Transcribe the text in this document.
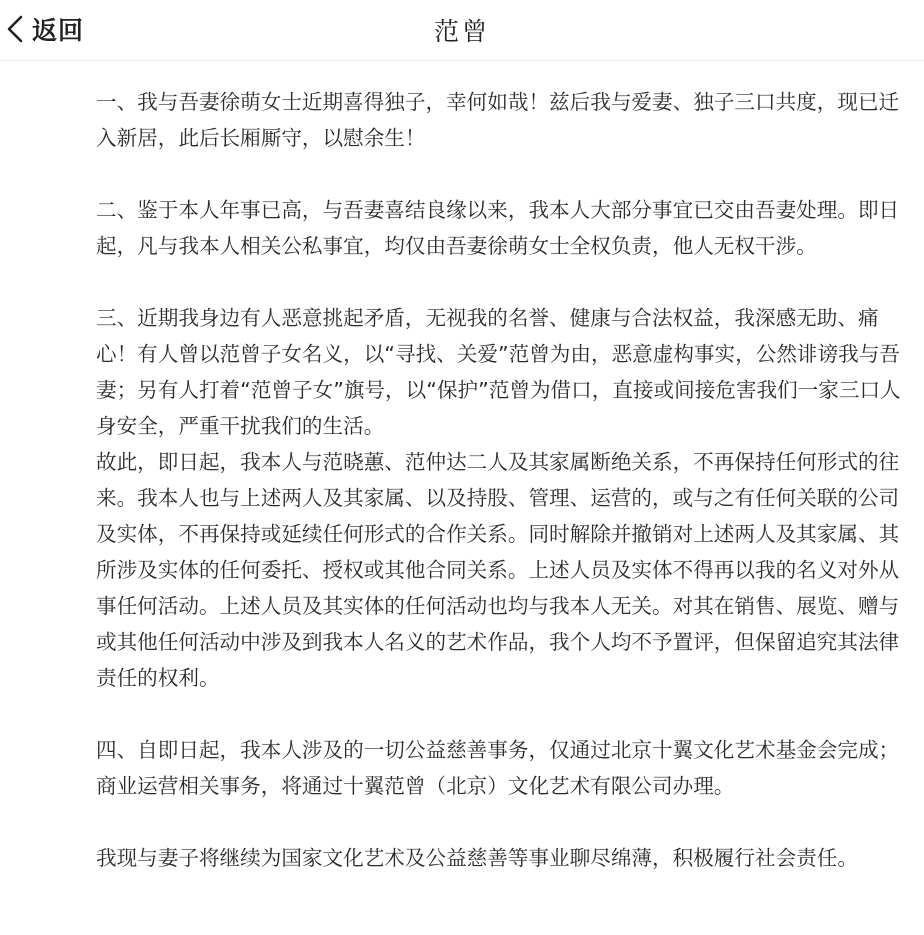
返回	范曾

一、我与吾妻徐萌女士近期喜得独子，幸何如哉！兹后我与爱妻、独子三口共度，现已迁入新居，此后长厢厮守，以慰余生！

二、鉴于本人年事已高，与吾妻喜结良缘以来，我本人大部分事宜已交由吾妻处理。即日起，凡与我本人相关公私事宜，均仅由吾妻徐萌女士全权负责，他人无权干涉。

三、近期我身边有人恶意挑起矛盾，无视我的名誉、健康与合法权益，我深感无助、痛心！有人曾以范曾子女名义，以“寻找、关爱”范曾为由，恶意虚构事实，公然诽谤我与吾妻；另有人打着“范曾子女”旗号，以“保护”范曾为借口，直接或间接危害我们一家三口人身安全，严重干扰我们的生活。

故此，即日起，我本人与范晓蕙、范仲达二人及其家属断绝关系，不再保持任何形式的往来。我本人也与上述两人及其家属、以及持股、管理、运营的，或与之有任何关联的公司及实体，不再保持或延续任何形式的合作关系。同时解除并撤销对上述两人及其家属、其所涉及实体的任何委托、授权或其他合同关系。上述人员及实体不得再以我的名义对外从事任何活动。上述人员及其实体的任何活动也均与我本人无关。对其在销售、展览、赠与或其他任何活动中涉及到我本人名义的艺术作品，我个人均不予置评，但保留追究其法律责任的权利。

四、自即日起，我本人涉及的一切公益慈善事务，仅通过北京十翼文化艺术基金会完成；商业运营相关事务，将通过十翼范曾（北京）文化艺术有限公司办理。

我现与妻子将继续为国家文化艺术及公益慈善等事业聊尽绵薄，积极履行社会责任。
